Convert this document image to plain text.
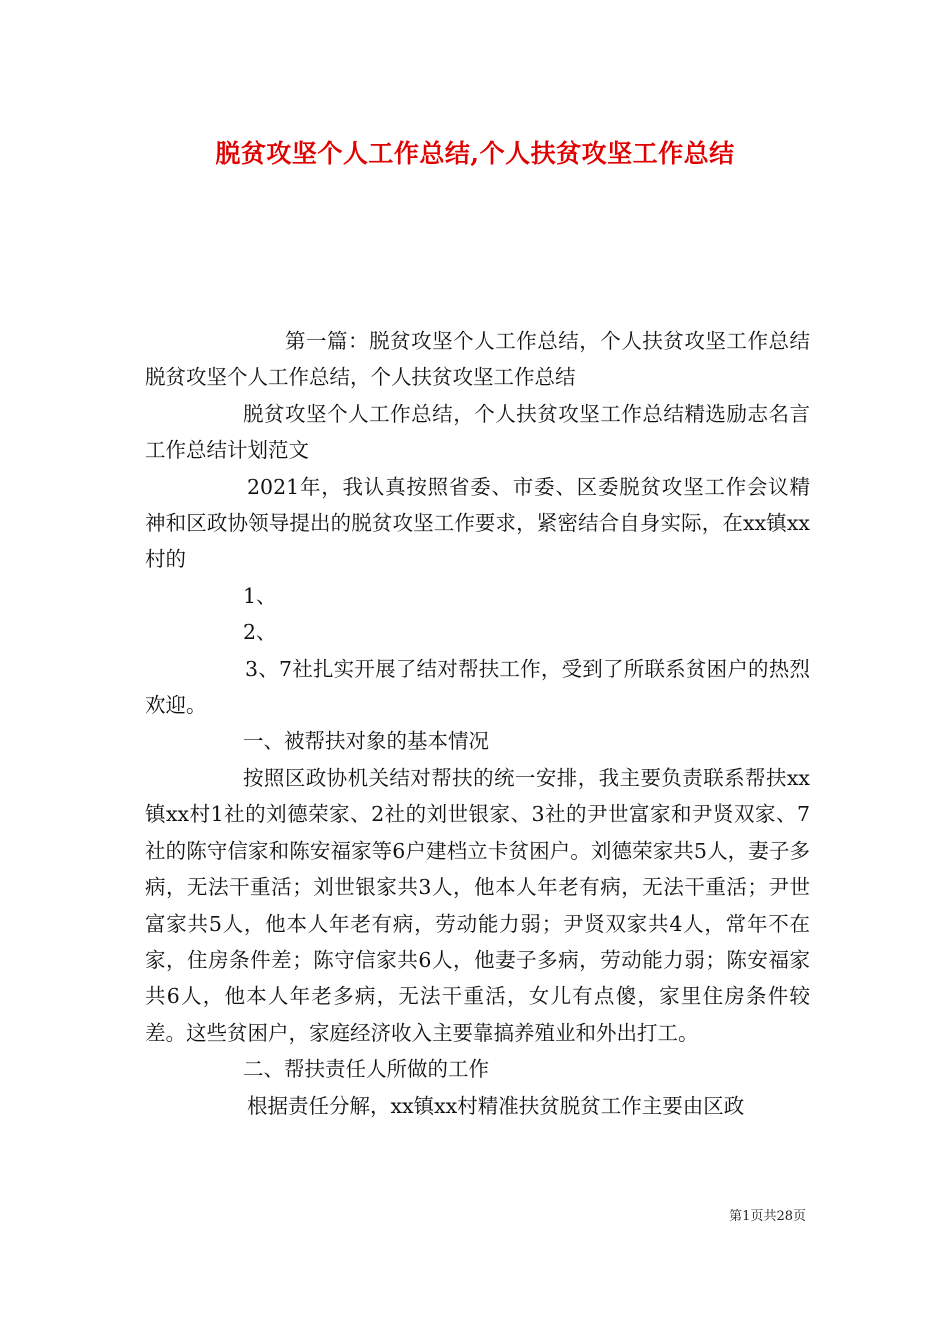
脱贫攻坚个人工作总结,个人扶贫攻坚工作总结

第一篇：脱贫攻坚个人工作总结，个人扶贫攻坚工作总结脱贫攻坚个人工作总结，个人扶贫攻坚工作总结

脱贫攻坚个人工作总结，个人扶贫攻坚工作总结精选励志名言工作总结计划范文

2021年，我认真按照省委、市委、区委脱贫攻坚工作会议精神和区政协领导提出的脱贫攻坚工作要求，紧密结合自身实际，在xx镇xx村的

1、

2、

3、7社扎实开展了结对帮扶工作，受到了所联系贫困户的热烈欢迎。

一、被帮扶对象的基本情况

按照区政协机关结对帮扶的统一安排，我主要负责联系帮扶xx镇xx村1社的刘德荣家、2社的刘世银家、3社的尹世富家和尹贤双家、7社的陈守信家和陈安福家等6户建档立卡贫困户。刘德荣家共5人，妻子多病，无法干重活；刘世银家共3人，他本人年老有病，无法干重活；尹世富家共5人，他本人年老有病，劳动能力弱；尹贤双家共4人，常年不在家，住房条件差；陈守信家共6人，他妻子多病，劳动能力弱；陈安福家共6人，他本人年老多病，无法干重活，女儿有点傻，家里住房条件较差。这些贫困户，家庭经济收入主要靠搞养殖业和外出打工。

二、帮扶责任人所做的工作

根据责任分解，xx镇xx村精准扶贫脱贫工作主要由区政

第1页共28页
